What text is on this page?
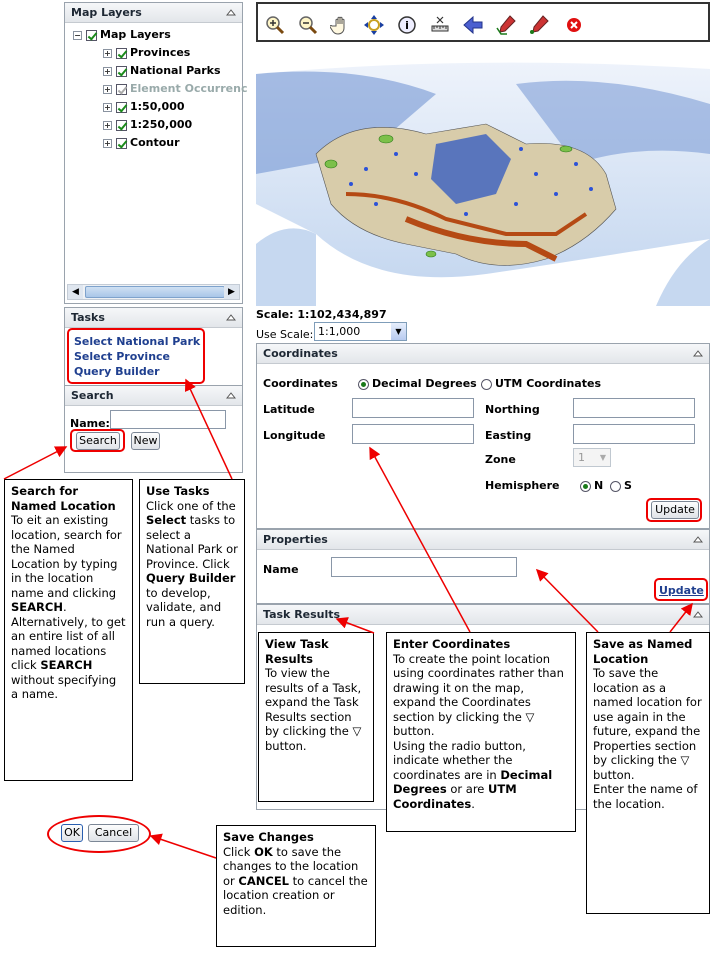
Map Layers
− Map Layers
+ Provinces
+ National Parks
+ Element Occurrenc
+ 1:50,000
+ 1:250,000
+ Contour
◀	▶
Tasks
Select National Park
Select Province
Query Builder
Search
Name:
Search New
i
Scale: 1:102,434,897
Use Scale: 1:1,000	▼
Coordinates
Coordinates	Decimal Degrees	UTM Coordinates
Latitude
Longitude
Northing
Easting
Zone	1	▼
Hemisphere	N	S
Update
Properties
Name
Update
Task Results
OK	Cancel
Search for Named Location
To eit an existing location, search for the Named Location by typing in the location name and clicking SEARCH. Alternatively, to get an entire list of all named locations click SEARCH without specifying a name.
Use Tasks
Click one of the Select tasks to select a National Park or Province. Click Query Builder to develop, validate, and run a query.
View Task Results
To view the results of a Task, expand the Task Results section by clicking the ▽ button.
Enter Coordinates
To create the point location using coordinates rather than drawing it on the map, expand the Coordinates section by clicking the ▽ button.
Using the radio button, indicate whether the coordinates are in Decimal Degrees or are UTM Coordinates.
Save as Named Location
To save the location as a named location for use again in the future, expand the Properties section by clicking the ▽ button.
Enter the name of the location.
Save Changes
Click OK to save the changes to the location or CANCEL to cancel the location creation or edition.
